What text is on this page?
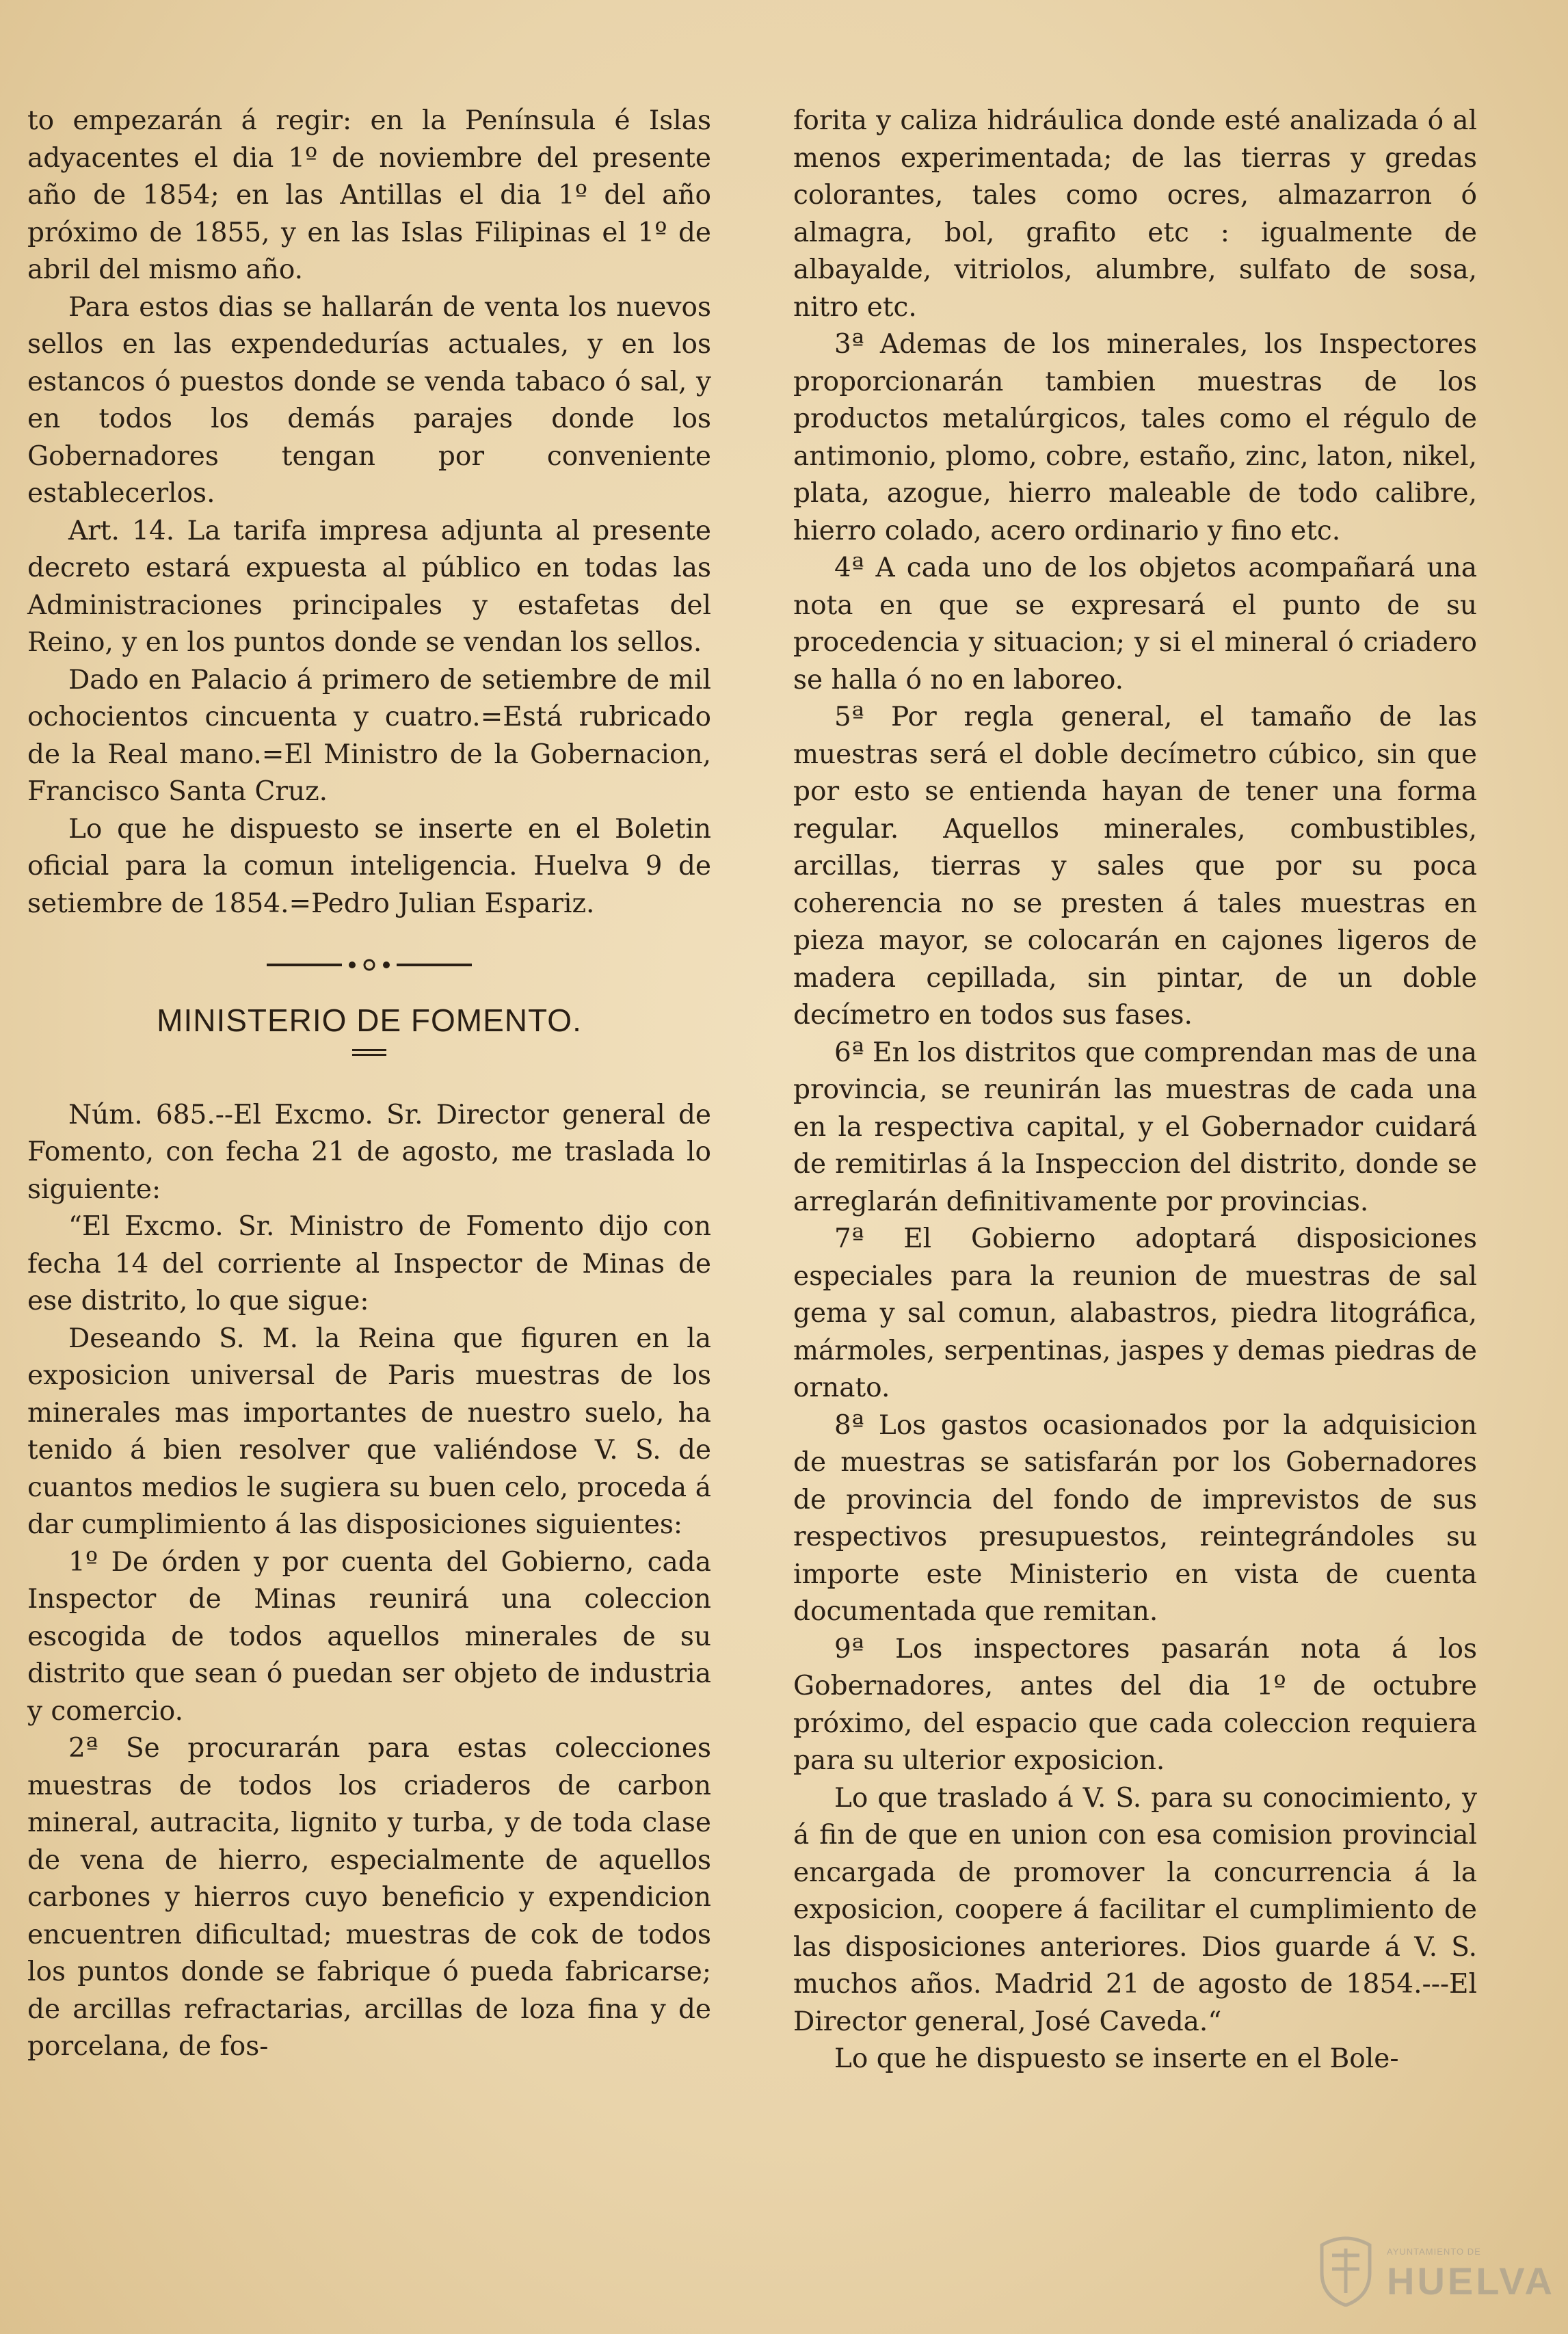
to empezarán á regir: en la Península é Islas adyacentes el dia 1º de noviembre del presente año de 1854; en las Antillas el dia 1º del año próximo de 1855, y en las Islas Filipinas el 1º de abril del mismo año.

Para estos dias se hallarán de venta los nuevos sellos en las expendedurías actuales, y en los estancos ó puestos donde se venda tabaco ó sal, y en todos los demás parajes donde los Gobernadores tengan por conveniente establecerlos.

Art. 14. La tarifa impresa adjunta al presente decreto estará expuesta al público en todas las Administraciones principales y estafetas del Reino, y en los puntos donde se vendan los sellos.

Dado en Palacio á primero de setiembre de mil ochocientos cincuenta y cuatro.=Está rubricado de la Real mano.=El Ministro de la Gobernacion, Francisco Santa Cruz.

Lo que he dispuesto se inserte en el Boletin oficial para la comun inteligencia. Huelva 9 de setiembre de 1854.=Pedro Julian Espariz.

MINISTERIO DE FOMENTO.

Núm. 685.--El Excmo. Sr. Director general de Fomento, con fecha 21 de agosto, me traslada lo siguiente:

“El Excmo. Sr. Ministro de Fomento dijo con fecha 14 del corriente al Inspector de Minas de ese distrito, lo que sigue:

Deseando S. M. la Reina que figuren en la exposicion universal de Paris muestras de los minerales mas importantes de nuestro suelo, ha tenido á bien resolver que valiéndose V. S. de cuantos medios le sugiera su buen celo, proceda á dar cumplimiento á las disposiciones siguientes:

1º De órden y por cuenta del Gobierno, cada Inspector de Minas reunirá una coleccion escogida de todos aquellos minerales de su distrito que sean ó puedan ser objeto de industria y comercio.

2ª Se procurarán para estas colecciones muestras de todos los criaderos de carbon mineral, autracita, lignito y turba, y de toda clase de vena de hierro, especialmente de aquellos carbones y hierros cuyo beneficio y expendicion encuentren dificultad; muestras de cok de todos los puntos donde se fabrique ó pueda fabricarse; de arcillas refractarias, arcillas de loza fina y de porcelana, de fos-

forita y caliza hidráulica donde esté analizada ó al menos experimentada; de las tierras y gredas colorantes, tales como ocres, almazarron ó almagra, bol, grafito etc : igualmente de albayalde, vitriolos, alumbre, sulfato de sosa, nitro etc.

3ª Ademas de los minerales, los Inspectores proporcionarán tambien muestras de los productos metalúrgicos, tales como el régulo de antimonio, plomo, cobre, estaño, zinc, laton, nikel, plata, azogue, hierro maleable de todo calibre, hierro colado, acero ordinario y fino etc.

4ª A cada uno de los objetos acompañará una nota en que se expresará el punto de su procedencia y situacion; y si el mineral ó criadero se halla ó no en laboreo.

5ª Por regla general, el tamaño de las muestras será el doble decímetro cúbico, sin que por esto se entienda hayan de tener una forma regular. Aquellos minerales, combustibles, arcillas, tierras y sales que por su poca coherencia no se presten á tales muestras en pieza mayor, se colocarán en cajones ligeros de madera cepillada, sin pintar, de un doble decímetro en todos sus fases.

6ª En los distritos que comprendan mas de una provincia, se reunirán las muestras de cada una en la respectiva capital, y el Gobernador cuidará de remitirlas á la Inspeccion del distrito, donde se arreglarán definitivamente por provincias.

7ª El Gobierno adoptará disposiciones especiales para la reunion de muestras de sal gema y sal comun, alabastros, piedra litográfica, mármoles, serpentinas, jaspes y demas piedras de ornato.

8ª Los gastos ocasionados por la adquisicion de muestras se satisfarán por los Gobernadores de provincia del fondo de imprevistos de sus respectivos presupuestos, reintegrándoles su importe este Ministerio en vista de cuenta documentada que remitan.

9ª Los inspectores pasarán nota á los Gobernadores, antes del dia 1º de octubre próximo, del espacio que cada coleccion requiera para su ulterior exposicion.

Lo que traslado á V. S. para su conocimiento, y á fin de que en union con esa comision provincial encargada de promover la concurrencia á la exposicion, coopere á facilitar el cumplimiento de las disposiciones anteriores. Dios guarde á V. S. muchos años. Madrid 21 de agosto de 1854.---El Director general, José Caveda.“

Lo que he dispuesto se inserte en el Bole-

AYUNTAMIENTO DE
HUELVA
